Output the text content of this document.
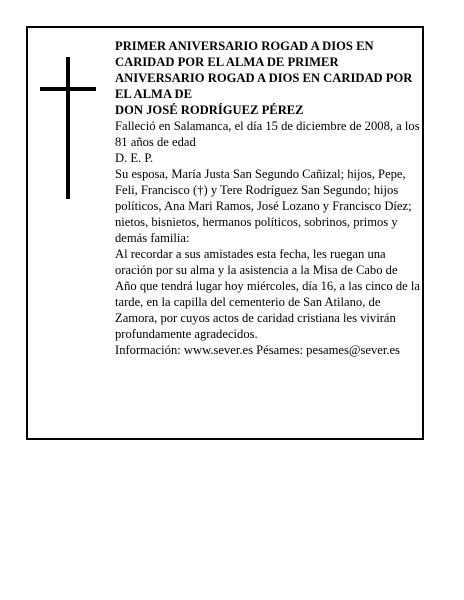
PRIMER ANIVERSARIO ROGAD A DIOS EN CARIDAD POR EL ALMA DE PRIMER ANIVERSARIO ROGAD A DIOS EN CARIDAD POR EL ALMA DE

DON JOSÉ RODRÍGUEZ PÉREZ

Falleció en Salamanca, el día 15 de diciembre de 2008, a los 81 años de edad

D. E. P.

Su esposa, María Justa San Segundo Cañizal; hijos, Pepe, Feli, Francisco (†) y Tere Rodríguez San Segundo; hijos políticos, Ana Mari Ramos, José Lozano y Francisco Díez; nietos, bisnietos, hermanos políticos, sobrinos, primos y demás familia:

Al recordar a sus amistades esta fecha, les ruegan una oración por su alma y la asistencia a la Misa de Cabo de Año que tendrá lugar hoy miércoles, día 16, a las cinco de la tarde, en la capilla del cementerio de San Atilano, de Zamora, por cuyos actos de caridad cristiana les vivirán profundamente agradecidos.

Información: www.sever.es Pésames: pesames@sever.es
